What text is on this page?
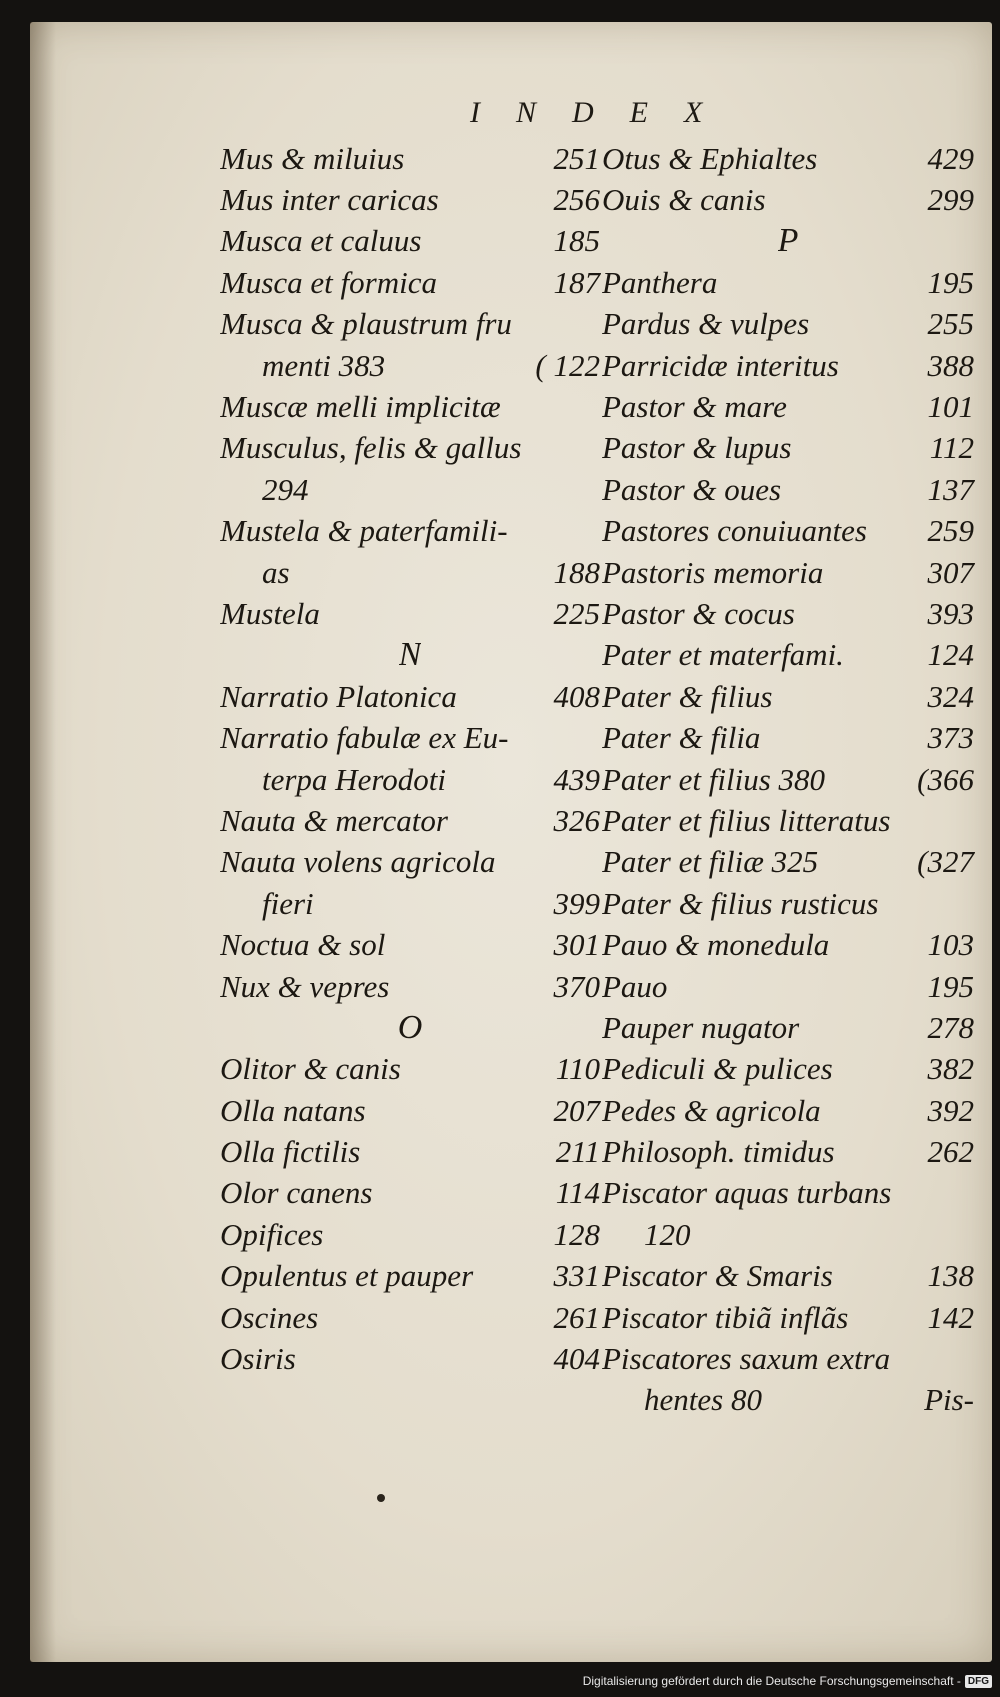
INDEX
Mus & miluius	251
Mus inter caricas	256
Musca et caluus	185
Musca et formica	187
Musca & plaustrum fru
menti 383	( 122
Muscæ melli implicitæ
Musculus, felis & gallus
294
Mustela & paterfamili-
as	188
Mustela	225
N
Narratio Platonica	408
Narratio fabulæ ex Eu-
terpa Herodoti	439
Nauta & mercator	326
Nauta volens agricola
fieri	399
Noctua & sol	301
Nux & vepres	370
O
Olitor & canis	110
Olla natans	207
Olla fictilis	211
Olor canens	114
Opifices	128
Opulentus et pauper	331
Oscines	261
Osiris	404
Otus & Ephialtes	429
Ouis & canis	299
P
Panthera	195
Pardus & vulpes	255
Parricidæ interitus	388
Pastor & mare	101
Pastor & lupus	112
Pastor & oues	137
Pastores conuiuantes	259
Pastoris memoria	307
Pastor & cocus	393
Pater et materfami.	124
Pater & filius	324
Pater & filia	373
Pater et filius 380	(366
Pater et filius litteratus
Pater et filiæ 325	(327
Pater & filius rusticus
Pauo & monedula	103
Pauo	195
Pauper nugator	278
Pediculi & pulices	382
Pedes & agricola	392
Philosoph. timidus	262
Piscator aquas turbans
120
Piscator & Smaris	138
Piscator tibiã inflãs	142
Piscatores saxum extra
hentes 80	Pis-
Digitalisierung gefördert durch die Deutsche Forschungsgemeinschaft - DFG
